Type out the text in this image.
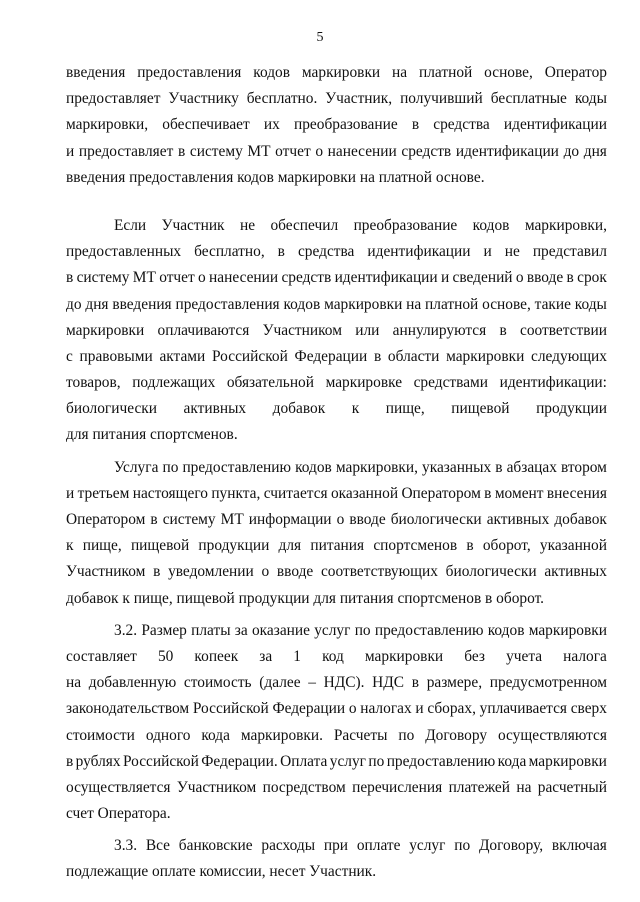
5
введения предоставления кодов маркировки на платной основе, Оператор
предоставляет Участнику бесплатно. Участник, получивший бесплатные коды
маркировки, обеспечивает их преобразование в средства идентификации
и предоставляет в систему МТ отчет о нанесении средств идентификации до дня
введения предоставления кодов маркировки на платной основе.
Если Участник не обеспечил преобразование кодов маркировки,
предоставленных бесплатно, в средства идентификации и не представил
в систему МТ отчет о нанесении средств идентификации и сведений о вводе в срок
до дня введения предоставления кодов маркировки на платной основе, такие коды
маркировки оплачиваются Участником или аннулируются в соответствии
с правовыми актами Российской Федерации в области маркировки следующих
товаров, подлежащих обязательной маркировке средствами идентификации:
биологически активных добавок к пище, пищевой продукции
для питания спортсменов.
Услуга по предоставлению кодов маркировки, указанных в абзацах втором
и третьем настоящего пункта, считается оказанной Оператором в момент внесения
Оператором в систему МТ информации о вводе биологически активных добавок
к пище, пищевой продукции для питания спортсменов в оборот, указанной
Участником в уведомлении о вводе соответствующих биологически активных
добавок к пище, пищевой продукции для питания спортсменов в оборот.
3.2. Размер платы за оказание услуг по предоставлению кодов маркировки
составляет 50 копеек за 1 код маркировки без учета налога
на добавленную стоимость (далее – НДС). НДС в размере, предусмотренном
законодательством Российской Федерации о налогах и сборах, уплачивается сверх
стоимости одного кода маркировки. Расчеты по Договору осуществляются
в рублях Российской Федерации. Оплата услуг по предоставлению кода маркировки
осуществляется Участником посредством перечисления платежей на расчетный
счет Оператора.
3.3. Все банковские расходы при оплате услуг по Договору, включая
подлежащие оплате комиссии, несет Участник.
